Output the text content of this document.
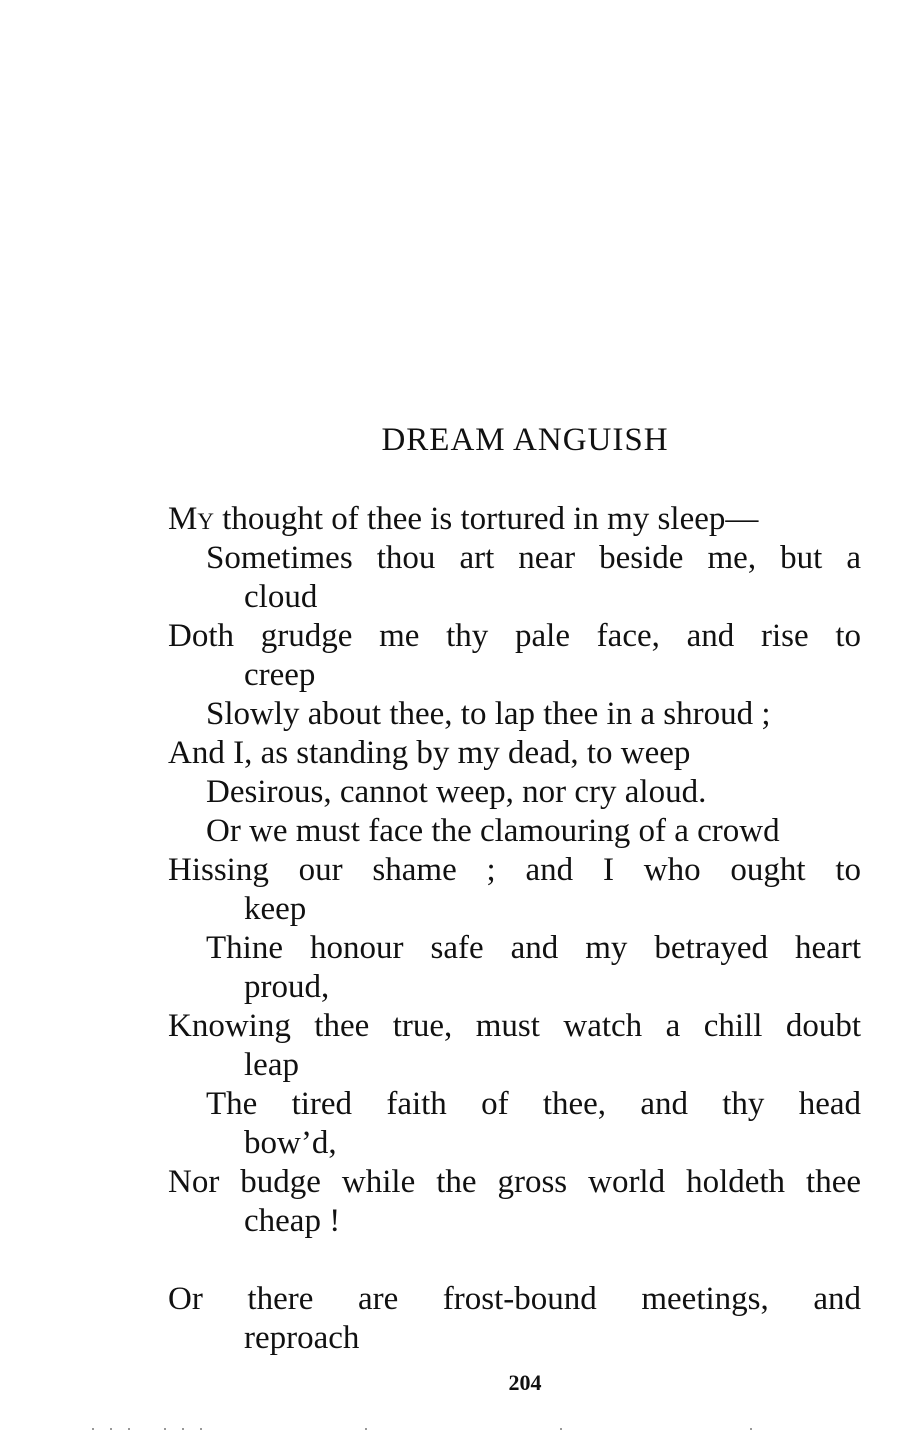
DREAM ANGUISH
My thought of thee is tortured in my sleep—
Sometimes thou art near beside me, but a
cloud
Doth grudge me thy pale face, and rise to
creep
Slowly about thee, to lap thee in a shroud ;
And I, as standing by my dead, to weep
Desirous, cannot weep, nor cry aloud.
Or we must face the clamouring of a crowd
Hissing our shame ; and I who ought to
keep
Thine honour safe and my betrayed heart
proud,
Knowing thee true, must watch a chill doubt
leap
The tired faith of thee, and thy head
bow’d,
Nor budge while the gross world holdeth thee
cheap !
Or there are frost-bound meetings, and
reproach
204
